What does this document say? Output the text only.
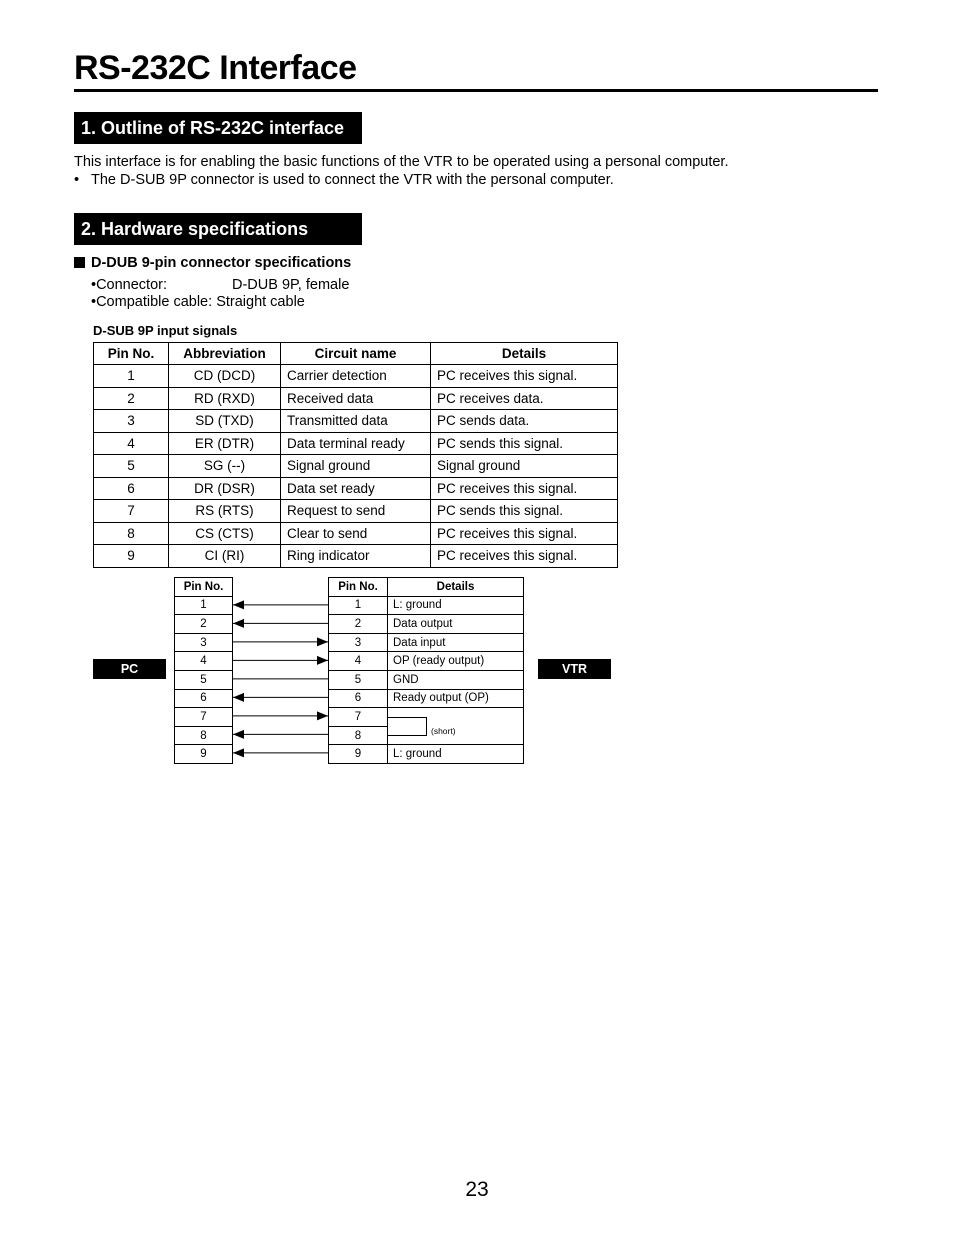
RS-232C Interface
1. Outline of RS-232C interface
This interface is for enabling the basic functions of the VTR to be operated using a personal computer.
• The D-SUB 9P connector is used to connect the VTR with the personal computer.
2. Hardware specifications
D-DUB 9-pin connector specifications
•Connector:	D-DUB 9P, female
•Compatible cable: Straight cable
D-SUB 9P input signals
Pin No.	Abbreviation	Circuit name	Details
1	CD (DCD)	Carrier detection	PC receives this signal.
2	RD (RXD)	Received data	PC receives data.
3	SD (TXD)	Transmitted data	PC sends data.
4	ER (DTR)	Data terminal ready	PC sends this signal.
5	SG (--)	Signal ground	Signal ground
6	DR (DSR)	Data set ready	PC receives this signal.
7	RS (RTS)	Request to send	PC sends this signal.
8	CS (CTS)	Clear to send	PC receives this signal.
9	CI (RI)	Ring indicator	PC receives this signal.
PC	VTR
Pin No.
1
2
3
4
5
6
7
8
9
Pin No.	Details
1	L: ground
2	Data output
3	Data input
4	OP (ready output)
5	GND
6	Ready output (OP)
7	(short)

8	
9	L: ground
23
